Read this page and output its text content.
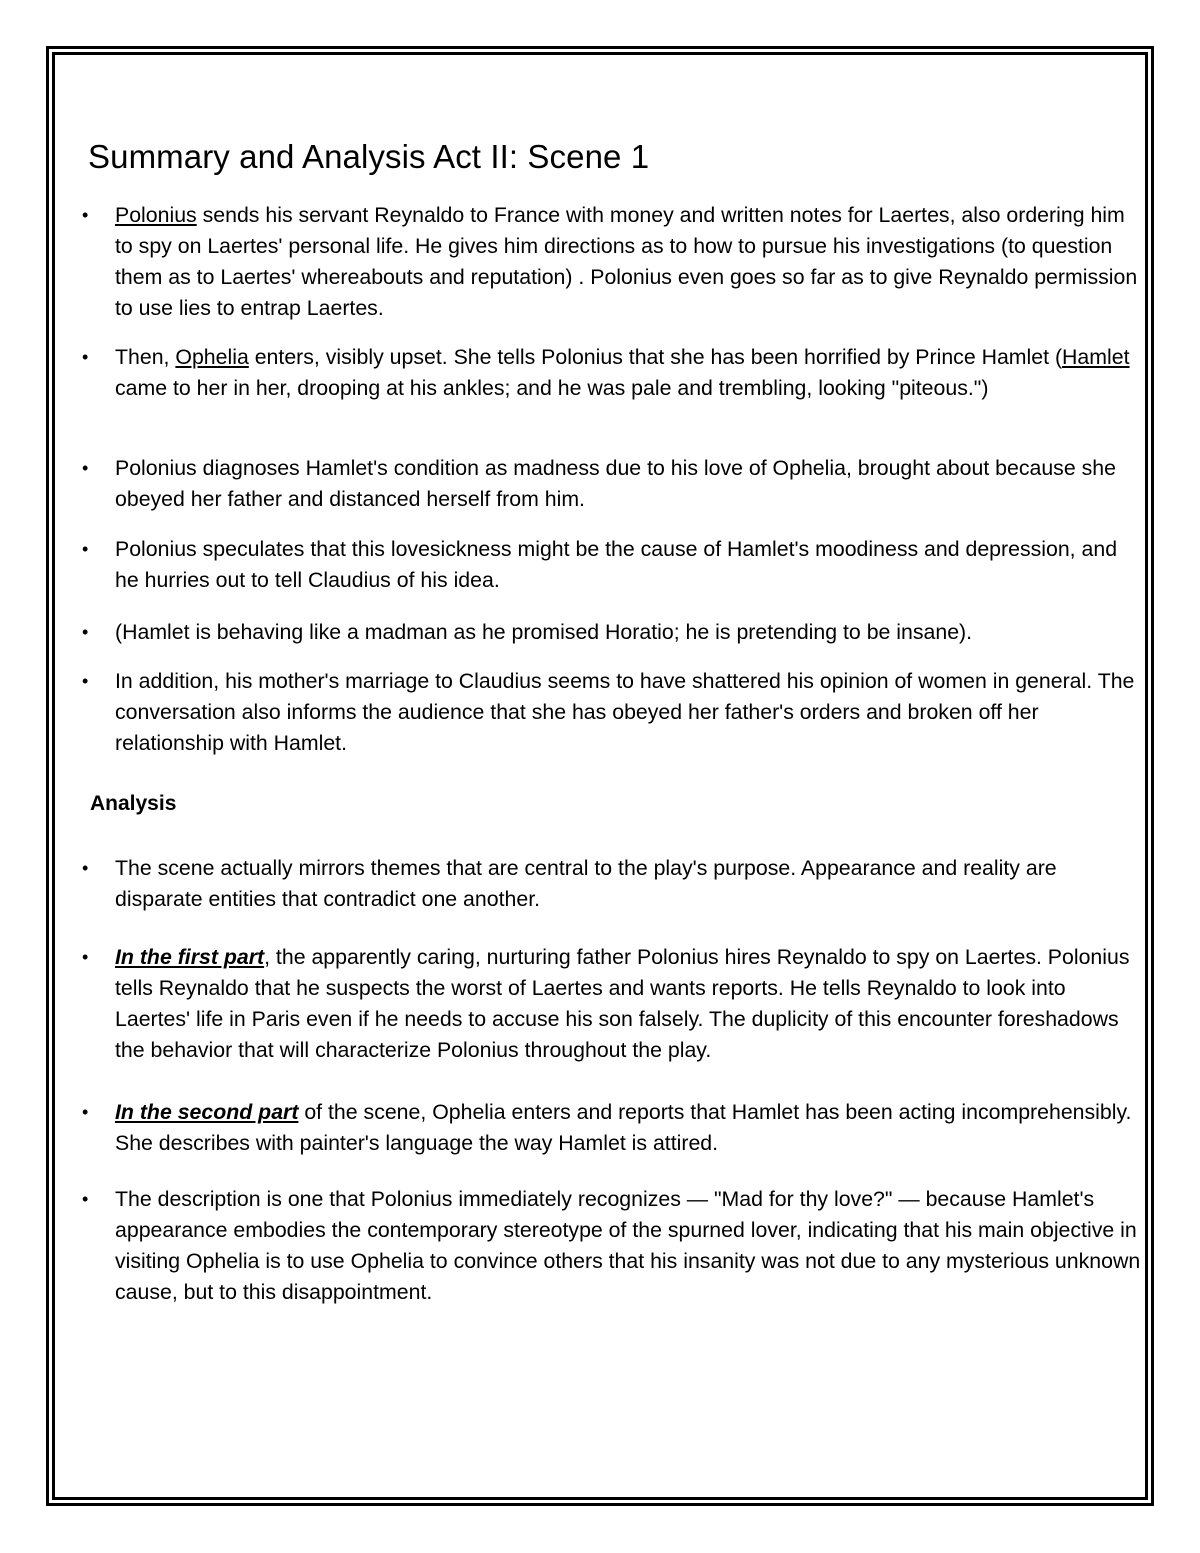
Summary and Analysis Act II: Scene 1
• Polonius sends his servant Reynaldo to France with money and written notes for Laertes, also ordering him to spy on Laertes' personal life. He gives him directions as to how to pursue his investigations (to question them as to Laertes' whereabouts and reputation) . Polonius even goes so far as to give Reynaldo permission to use lies to entrap Laertes.
• Then, Ophelia enters, visibly upset. She tells Polonius that she has been horrified by Prince Hamlet (Hamlet came to her in her, drooping at his ankles; and he was pale and trembling, looking "piteous.")
• Polonius diagnoses Hamlet's condition as madness due to his love of Ophelia, brought about because she obeyed her father and distanced herself from him.
• Polonius speculates that this lovesickness might be the cause of Hamlet's moodiness and depression, and he hurries out to tell Claudius of his idea.
• (Hamlet is behaving like a madman as he promised Horatio; he is pretending to be insane).
• In addition, his mother's marriage to Claudius seems to have shattered his opinion of women in general. The conversation also informs the audience that she has obeyed her father's orders and broken off her relationship with Hamlet.
Analysis
• The scene actually mirrors themes that are central to the play's purpose. Appearance and reality are disparate entities that contradict one another.
• In the first part, the apparently caring, nurturing father Polonius hires Reynaldo to spy on Laertes. Polonius tells Reynaldo that he suspects the worst of Laertes and wants reports. He tells Reynaldo to look into Laertes' life in Paris even if he needs to accuse his son falsely. The duplicity of this encounter foreshadows the behavior that will characterize Polonius throughout the play.
• In the second part of the scene, Ophelia enters and reports that Hamlet has been acting incomprehensibly. She describes with painter's language the way Hamlet is attired.
• The description is one that Polonius immediately recognizes — "Mad for thy love?" — because Hamlet's appearance embodies the contemporary stereotype of the spurned lover, indicating that his main objective in visiting Ophelia is to use Ophelia to convince others that his insanity was not due to any mysterious unknown cause, but to this disappointment.
